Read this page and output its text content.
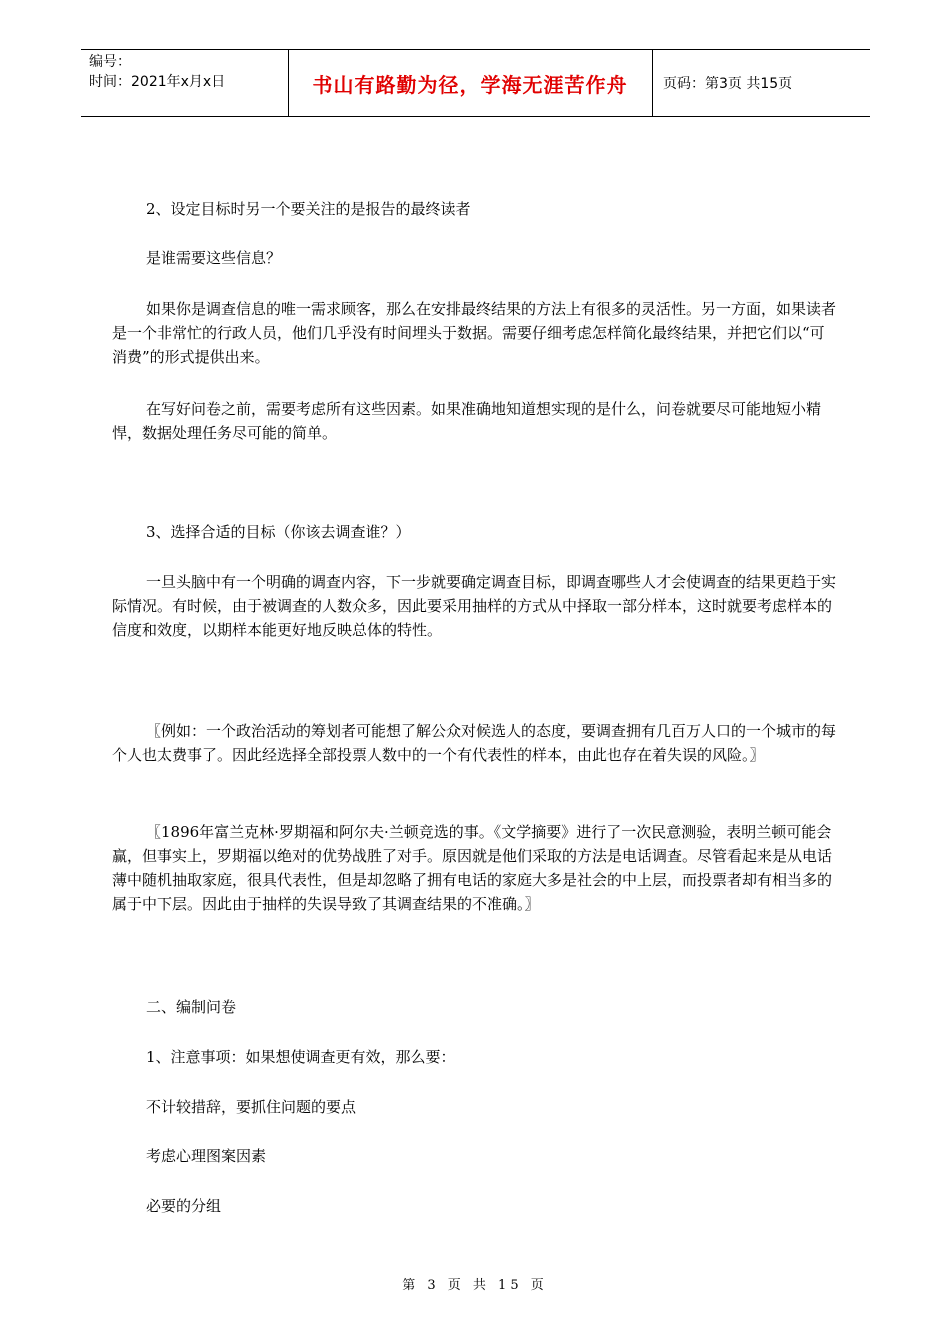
编号：
时间：2021年x月x日	书山有路勤为径，学海无涯苦作舟	页码：第3页 共15页

2、设定目标时另一个要关注的是报告的最终读者

是谁需要这些信息？

如果你是调查信息的唯一需求顾客，那么在安排最终结果的方法上有很多的灵活性。另一方面，如果读者是一个非常忙的行政人员，他们几乎没有时间埋头于数据。需要仔细考虑怎样简化最终结果，并把它们以“可消费”的形式提供出来。

在写好问卷之前，需要考虑所有这些因素。如果准确地知道想实现的是什么，问卷就要尽可能地短小精悍，数据处理任务尽可能的简单。

3、选择合适的目标（你该去调查谁？）

一旦头脑中有一个明确的调查内容，下一步就要确定调查目标，即调查哪些人才会使调查的结果更趋于实际情况。有时候，由于被调查的人数众多，因此要采用抽样的方式从中择取一部分样本，这时就要考虑样本的信度和效度，以期样本能更好地反映总体的特性。

〖例如：一个政治活动的筹划者可能想了解公众对候选人的态度，要调查拥有几百万人口的一个城市的每个人也太费事了。因此经选择全部投票人数中的一个有代表性的样本，由此也存在着失误的风险。〗

〖1896年富兰克林·罗期福和阿尔夫·兰顿竞选的事。《文学摘要》进行了一次民意测验，表明兰顿可能会赢，但事实上，罗期福以绝对的优势战胜了对手。原因就是他们采取的方法是电话调查。尽管看起来是从电话薄中随机抽取家庭，很具代表性，但是却忽略了拥有电话的家庭大多是社会的中上层，而投票者却有相当多的属于中下层。因此由于抽样的失误导致了其调查结果的不准确。〗

二、编制问卷

1、注意事项：如果想使调查更有效，那么要：

不计较措辞，要抓住问题的要点

考虑心理图案因素

必要的分组

第 3 页 共 15 页
